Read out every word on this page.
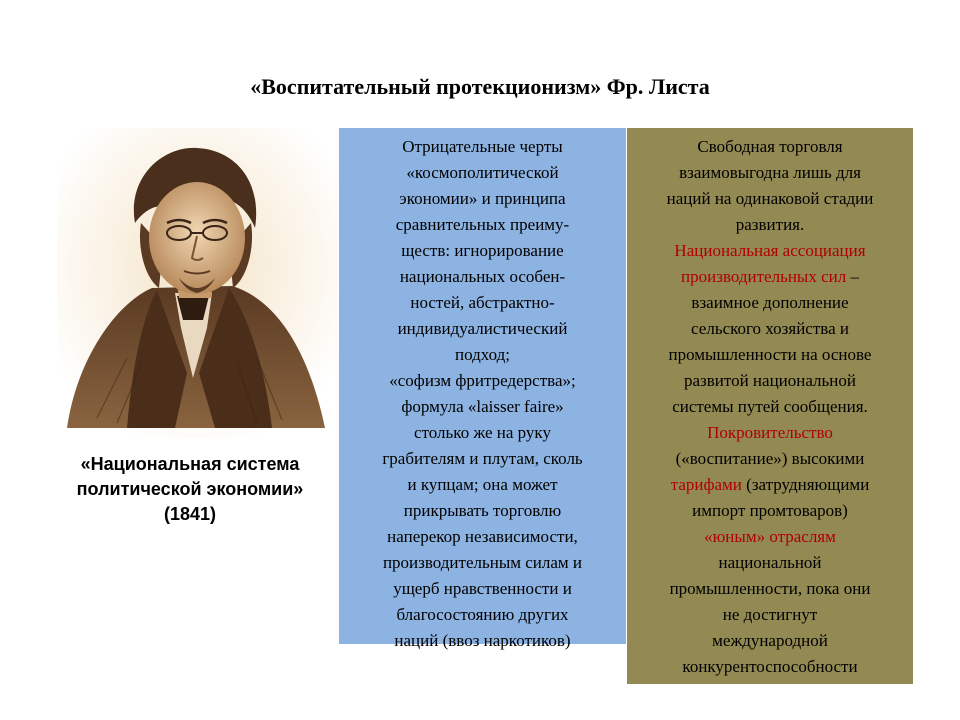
«Воспитательный протекционизм» Фр. Листа
«Национальная система
политической экономии»
(1841)
Отрицательные черты
«космополитической
экономии» и принципа
сравнительных преиму-
ществ: игнорирование
национальных особен-
ностей, абстрактно-
индивидуалистический
подход;
«софизм фритредерства»;
формула «laisser faire»
столько же на руку
грабителям и плутам, сколь
и купцам; она может
прикрывать торговлю
наперекор независимости,
производительным силам и
ущерб нравственности и
благосостоянию других
наций (ввоз наркотиков)
Свободная торговля
взаимовыгодна лишь для
наций на одинаковой стадии
развития.
Национальная ассоциация
производительных сил –
взаимное дополнение
сельского хозяйства и
промышленности на основе
развитой национальной
системы путей сообщения.
Покровительство
(«воспитание») высокими
тарифами (затрудняющими
импорт промтоваров)
«юным» отраслям
национальной
промышленности, пока они
не достигнут
международной
конкурентоспособности
